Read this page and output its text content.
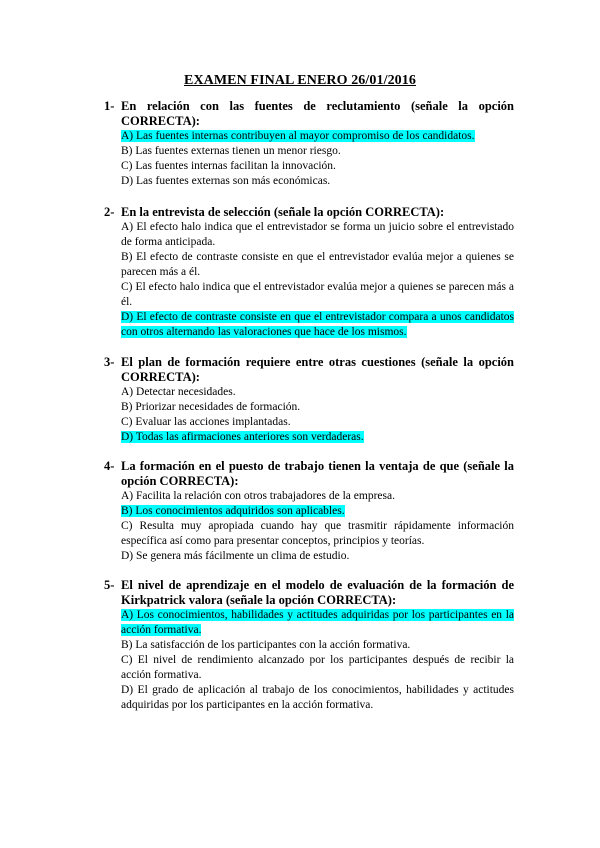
EXAMEN FINAL ENERO 26/01/2016
1- En relación con las fuentes de reclutamiento (señale la opción CORRECTA):
A) Las fuentes internas contribuyen al mayor compromiso de los candidatos.
B) Las fuentes externas tienen un menor riesgo.
C) Las fuentes internas facilitan la innovación.
D) Las fuentes externas son más económicas.
2- En la entrevista de selección (señale la opción CORRECTA):
A) El efecto halo indica que el entrevistador se forma un juicio sobre el entrevistado de forma anticipada.
B) El efecto de contraste consiste en que el entrevistador evalúa mejor a quienes se parecen más a él.
C) El efecto halo indica que el entrevistador evalúa mejor a quienes se parecen más a él.
D) El efecto de contraste consiste en que el entrevistador compara a unos candidatos con otros alternando las valoraciones que hace de los mismos.
3- El plan de formación requiere entre otras cuestiones (señale la opción CORRECTA):
A) Detectar necesidades.
B) Priorizar necesidades de formación.
C) Evaluar las acciones implantadas.
D) Todas las afirmaciones anteriores son verdaderas.
4- La formación en el puesto de trabajo tienen la ventaja de que (señale la opción CORRECTA):
A) Facilita la relación con otros trabajadores de la empresa.
B) Los conocimientos adquiridos son aplicables.
C) Resulta muy apropiada cuando hay que trasmitir rápidamente información específica así como para presentar conceptos, principios y teorías.
D) Se genera más fácilmente un clima de estudio.
5- El nivel de aprendizaje en el modelo de evaluación de la formación de Kirkpatrick valora (señale la opción CORRECTA):
A) Los conocimientos, habilidades y actitudes adquiridas por los participantes en la acción formativa.
B) La satisfacción de los participantes con la acción formativa.
C) El nivel de rendimiento alcanzado por los participantes después de recibir la acción formativa.
D) El grado de aplicación al trabajo de los conocimientos, habilidades y actitudes adquiridas por los participantes en la acción formativa.
